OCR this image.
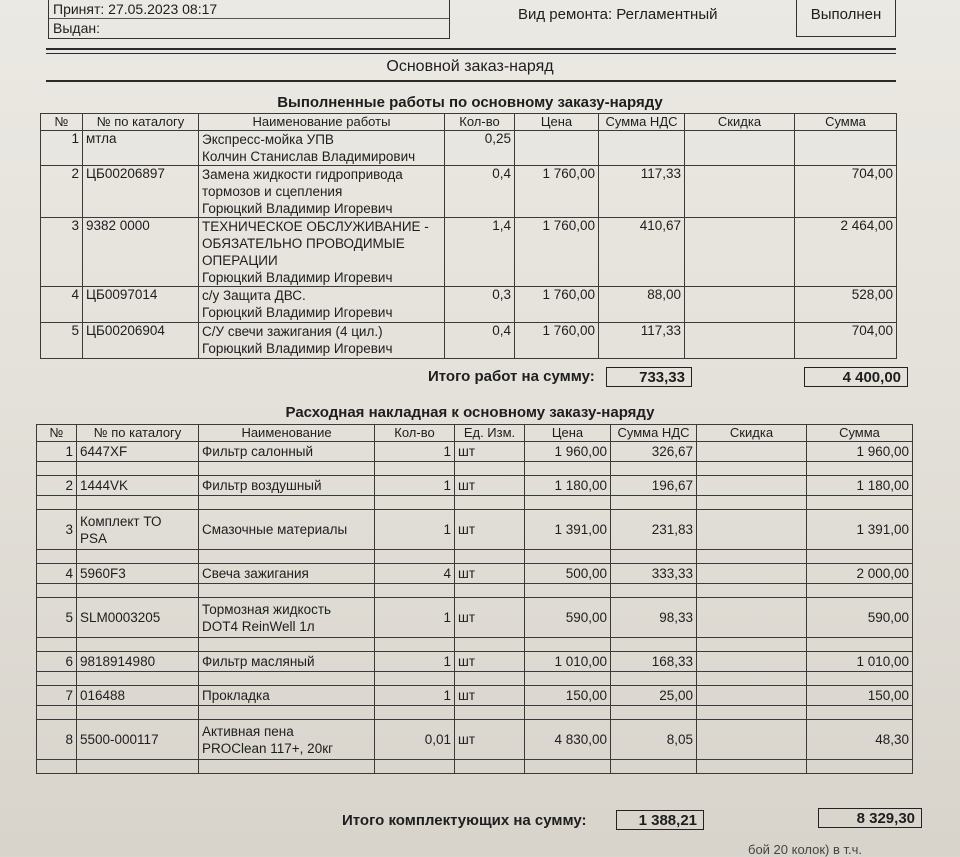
Принят: 27.05.2023 08:17
Выдан:
Вид ремонта: Регламентный	Выполнен
Основной заказ-наряд
Выполненные работы по основному заказу-наряду
№	№ по каталогу	Наименование работы	Кол-во	Цена	Сумма НДС	Скидка	Сумма
1	мтла	Экспресс-мойка УПВ
Колчин Станислав Владимирович	0,25				
2	ЦБ00206897	Замена жидкости гидропривода
тормозов и сцепления
Горюцкий Владимир Игоревич	0,4	1 760,00	117,33		704,00
3	9382 0000	ТЕХНИЧЕСКОЕ ОБСЛУЖИВАНИЕ -
ОБЯЗАТЕЛЬНО ПРОВОДИМЫЕ
ОПЕРАЦИИ
Горюцкий Владимир Игоревич	1,4	1 760,00	410,67		2 464,00
4	ЦБ0097014	с/у Защита ДВС.
Горюцкий Владимир Игоревич	0,3	1 760,00	88,00		528,00
5	ЦБ00206904	С/У свечи зажигания (4 цил.)
Горюцкий Владимир Игоревич	0,4	1 760,00	117,33		704,00
Итого работ на сумму:	733,33	4 400,00
Расходная накладная к основному заказу-наряду
№	№ по каталогу	Наименование	Кол-во	Ед. Изм.	Цена	Сумма НДС	Скидка	Сумма
1	6447XF	Фильтр салонный	1	шт	1 960,00	326,67		1 960,00

2	1444VK	Фильтр воздушный	1	шт	1 180,00	196,67		1 180,00

3	Комплект ТО
PSA	Смазочные материалы	1	шт	1 391,00	231,83		1 391,00

4	5960F3	Свеча зажигания	4	шт	500,00	333,33		2 000,00

5	SLM0003205	Тормозная жидкость
DOT4 ReinWell 1л	1	шт	590,00	98,33		590,00

6	9818914980	Фильтр масляный	1	шт	1 010,00	168,33		1 010,00

7	016488	Прокладка	1	шт	150,00	25,00		150,00

8	5500-000117	Активная пена
PROClean 117+, 20кг	0,01	шт	4 830,00	8,05		48,30

Итого комплектующих на сумму:	1 388,21	8 329,30
бой 20 колок) в т.ч.
